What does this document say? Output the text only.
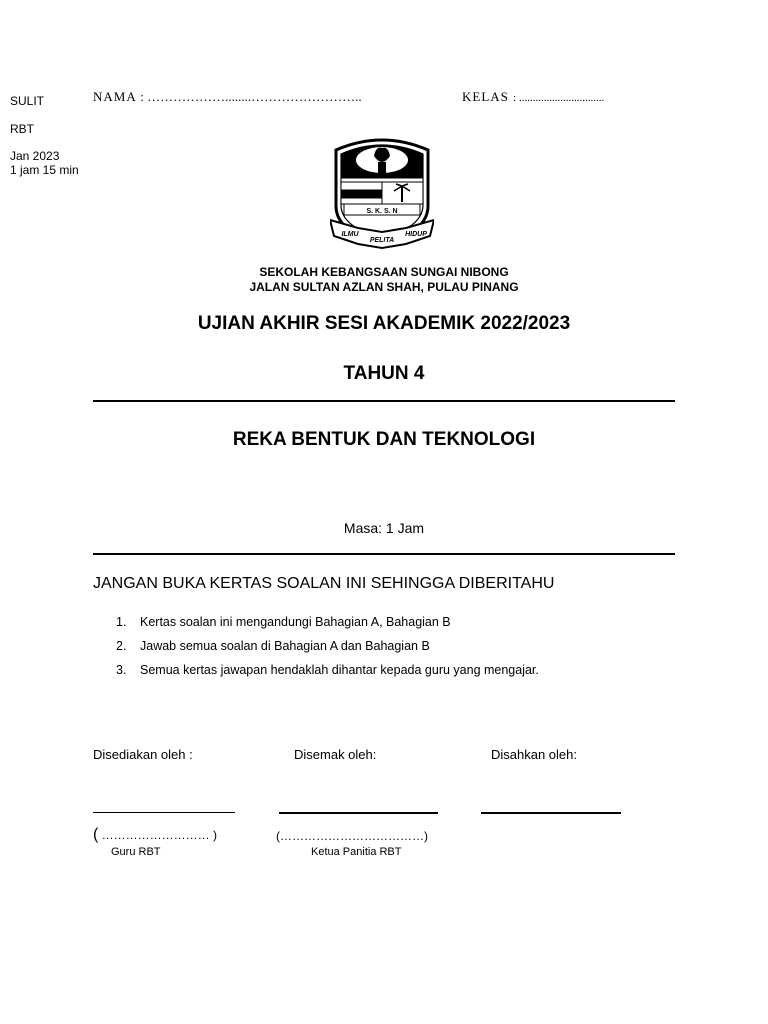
SULIT
RBT
Jan 2023
1 jam 15 min
NAMA : ………………........……………………..	KELAS : ...............................
S. K. S. N
ILMU
PELITA
HIDUP
SEKOLAH KEBANGSAAN SUNGAI NIBONG
JALAN SULTAN AZLAN SHAH, PULAU PINANG
UJIAN AKHIR SESI AKADEMIK 2022/2023
TAHUN 4
REKA BENTUK DAN TEKNOLOGI
Masa: 1 Jam
JANGAN BUKA KERTAS SOALAN INI SEHINGGA DIBERITAHU
1. Kertas soalan ini mengandungi Bahagian A, Bahagian B
2. Jawab semua soalan di Bahagian A dan Bahagian B
3. Semua kertas jawapan hendaklah dihantar kepada guru yang mengajar.
Disediakan oleh :	Disemak oleh:	Disahkan oleh:
( ……………………… )	(………………………………)
Guru RBT	Ketua Panitia RBT
